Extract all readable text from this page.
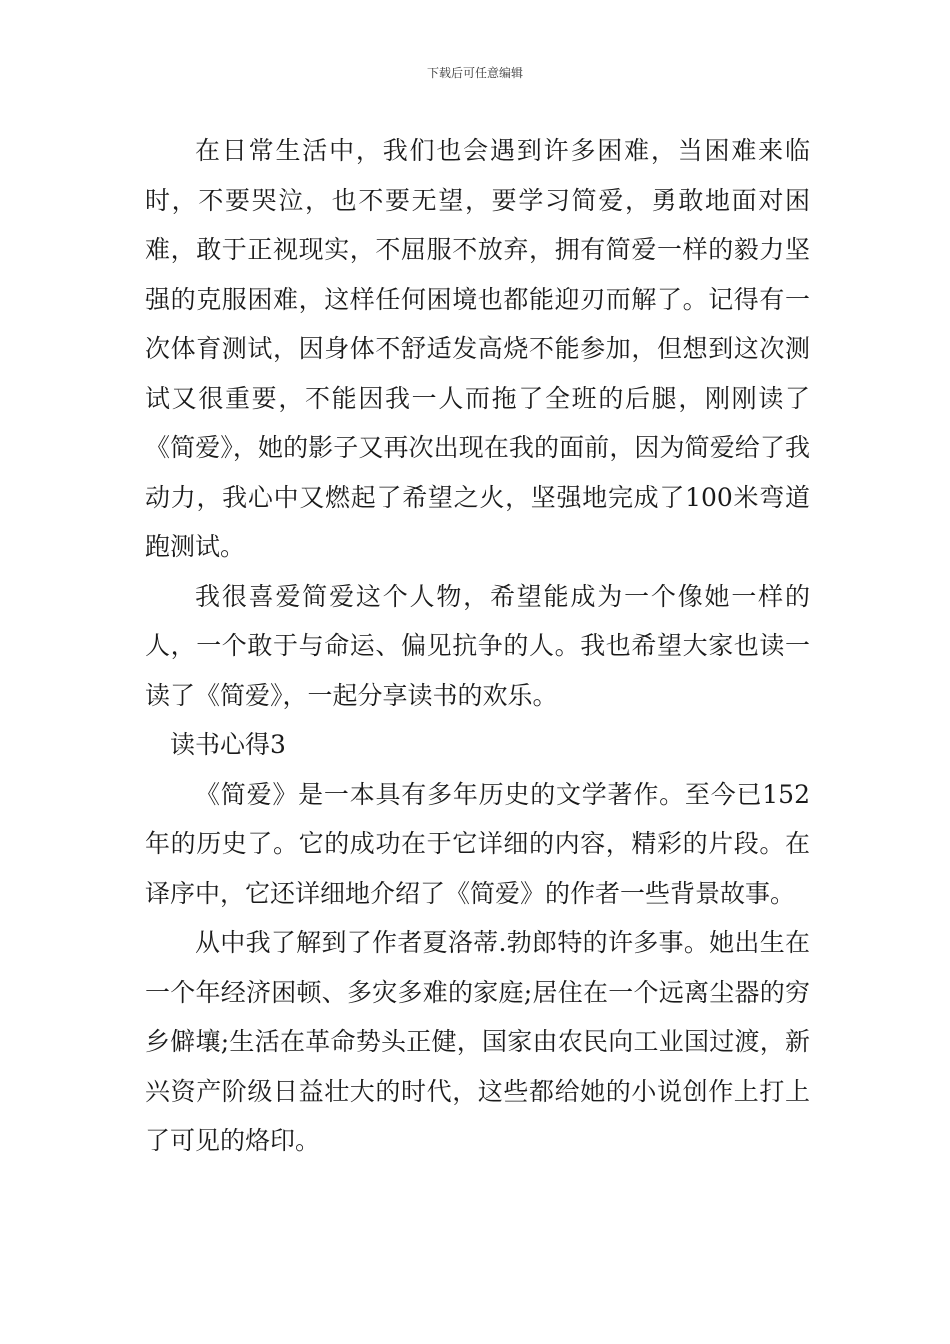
下载后可任意编辑

在日常生活中，我们也会遇到许多困难，当困难来临时，不要哭泣，也不要无望，要学习简爱，勇敢地面对困难，敢于正视现实，不屈服不放弃，拥有简爱一样的毅力坚强的克服困难，这样任何困境也都能迎刃而解了。记得有一次体育测试，因身体不舒适发高烧不能参加，但想到这次测试又很重要，不能因我一人而拖了全班的后腿，刚刚读了《简爱》，她的影子又再次出现在我的面前，因为简爱给了我动力，我心中又燃起了希望之火，坚强地完成了100米弯道跑测试。

我很喜爱简爱这个人物，希望能成为一个像她一样的人，一个敢于与命运、偏见抗争的人。我也希望大家也读一读了《简爱》，一起分享读书的欢乐。

读书心得3

《简爱》是一本具有多年历史的文学著作。至今已152年的历史了。它的成功在于它详细的内容，精彩的片段。在译序中，它还详细地介绍了《简爱》的作者一些背景故事。

从中我了解到了作者夏洛蒂.勃郎特的许多事。她出生在一个年经济困顿、多灾多难的家庭;居住在一个远离尘器的穷乡僻壤;生活在革命势头正健，国家由农民向工业国过渡，新兴资产阶级日益壮大的时代，这些都给她的小说创作上打上了可见的烙印。
